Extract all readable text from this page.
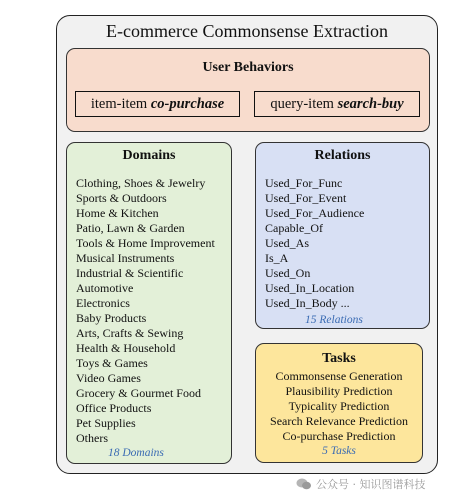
E-commerce Commonsense Extraction
User Behaviors
item-item co-purchase	query-item search-buy
Domains
Clothing, Shoes & Jewelry
Sports & Outdoors
Home & Kitchen
Patio, Lawn & Garden
Tools & Home Improvement
Musical Instruments
Industrial & Scientific
Automotive
Electronics
Baby Products
Arts, Crafts & Sewing
Health & Household
Toys & Games
Video Games
Grocery & Gourmet Food
Office Products
Pet Supplies
Others
18 Domains
Relations
Used_For_Func
Used_For_Event
Used_For_Audience
Capable_Of
Used_As
Is_A
Used_On
Used_In_Location
Used_In_Body ...
15 Relations
Tasks
Commonsense Generation
Plausibility Prediction
Typicality Prediction
Search Relevance Prediction
Co-purchase Prediction
5 Tasks
公众号 · 知识图谱科技
